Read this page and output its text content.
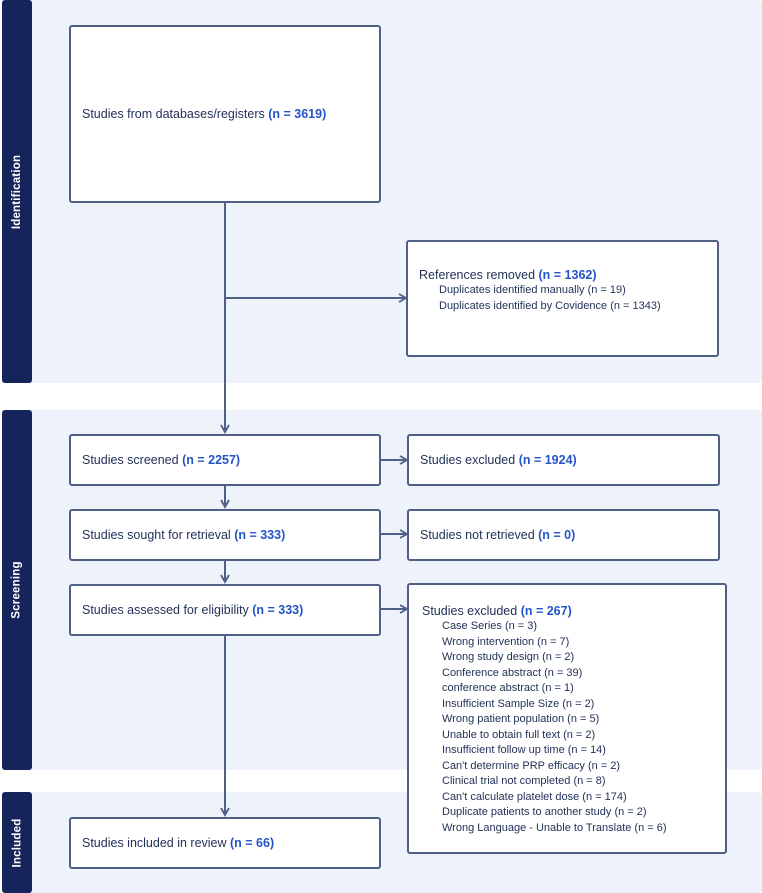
Identification
Screening
Included
Studies from databases/registers (n = 3619)
References removed (n = 1362)
Duplicates identified manually (n = 19)
Duplicates identified by Covidence (n = 1343)
Studies screened (n = 2257)	Studies excluded (n = 1924)
Studies sought for retrieval (n = 333)	Studies not retrieved (n = 0)
Studies assessed for eligibility (n = 333)	Studies excluded (n = 267)
Case Series (n = 3)
Wrong intervention (n = 7)
Wrong study design (n = 2)
Conference abstract (n = 39)
conference abstract (n = 1)
Insufficient Sample Size (n = 2)
Wrong patient population (n = 5)
Unable to obtain full text (n = 2)
Insufficient follow up time (n = 14)
Can't determine PRP efficacy (n = 2)
Clinical trial not completed (n = 8)
Can't calculate platelet dose (n = 174)
Duplicate patients to another study (n = 2)
Wrong Language - Unable to Translate (n = 6)
Studies included in review (n = 66)
